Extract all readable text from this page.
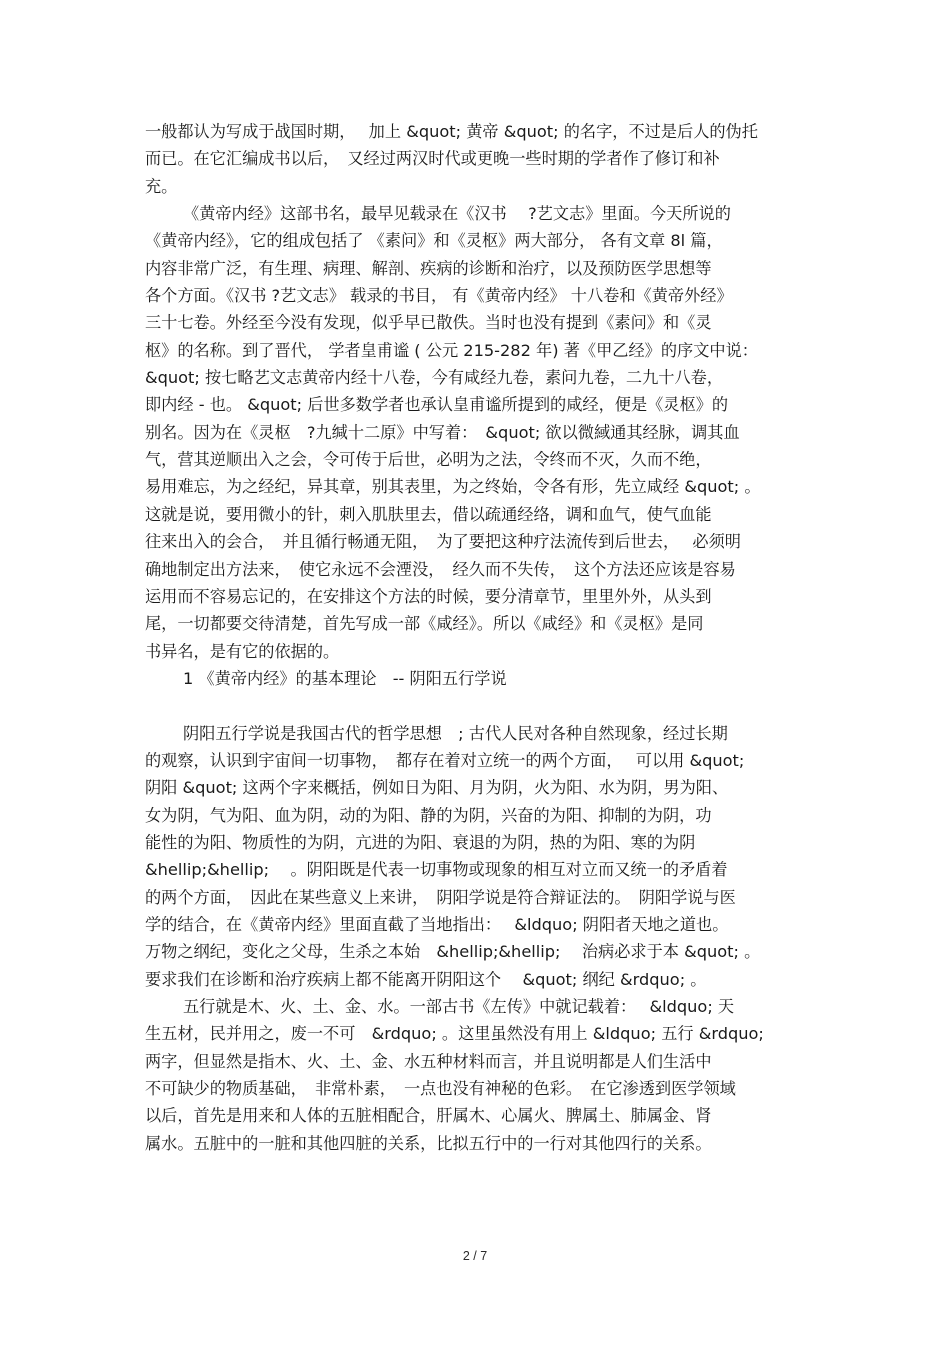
一般都认为写成于战国时期，　 加上 &quot; 黄帝 &quot; 的名字，不过是后人的伪托
而已。在它汇编成书以后，　又经过两汉时代或更晚一些时期的学者作了修订和补
充。
《黄帝内经》这部书名，最早见载录在《汉书　 ?艺文志》里面。今天所说的
《黄帝内经》，它的组成包括了 《素问》和《灵枢》两大部分， 各有文章 8l 篇，
内容非常广泛，有生理、病理、解剖、疾病的诊断和治疗，以及预防医学思想等
各个方面。《汉书 ?艺文志》 载录的书目， 有《黄帝内经》 十八卷和《黄帝外经》
三十七卷。外经至今没有发现，似乎早已散佚。当时也没有提到《素问》和《灵
枢》的名称。到了晋代， 学者皇甫谧 ( 公元 215-282 年) 著《甲乙经》的序文中说：
&quot; 按七略艺文志黄帝内经十八卷，今有咸经九卷，素问九卷，二九十八卷，
即内经 - 也。 &quot; 后世多数学者也承认皇甫谧所提到的咸经，便是《灵枢》的
别名。因为在《灵枢　?九缄十二原》中写着：　&quot; 欲以微緎通其经脉，调其血
气，营其逆顺出入之会，令可传于后世，必明为之法，令终而不灭，久而不绝，
易用难忘，为之经纪，异其章，别其表里，为之终始，令各有形，先立咸经 &quot; 。
这就是说，要用微小的针，刺入肌肤里去，借以疏通经络，调和血气，使气血能
往来出入的会合，　并且循行畅通无阻，　为了要把这种疗法流传到后世去，　 必须明
确地制定出方法来，　使它永远不会湮没，　经久而不失传，　这个方法还应该是容易
运用而不容易忘记的，在安排这个方法的时候，要分清章节，里里外外，从头到
尾，一切都要交待清楚，首先写成一部《咸经》。所以《咸经》和《灵枢》是同
书异名，是有它的依据的。
1 《黄帝内经》的基本理论　-- 阴阳五行学说
阴阳五行学说是我国古代的哲学思想　; 古代人民对各种自然现象，经过长期
的观察，认识到宇宙间一切事物，　都存在着对立统一的两个方面，　 可以用 &quot;
阴阳 &quot; 这两个字来概括，例如日为阳、月为阴，火为阳、水为阴，男为阳、
女为阴，气为阳、血为阴，动的为阳、静的为阴，兴奋的为阳、抑制的为阴，功
能性的为阳、物质性的为阴，亢进的为阳、衰退的为阴，热的为阳、寒的为阴
&hellip;&hellip;　 。阴阳既是代表一切事物或现象的相互对立而又统一的矛盾着
的两个方面，　因此在某些意义上来讲，　阴阳学说是符合辩证法的。　阴阳学说与医
学的结合，在《黄帝内经》里面直截了当地指出：　 &ldquo; 阴阳者天地之道也。
万物之纲纪，变化之父母，生杀之本始　&hellip;&hellip;　 治病必求于本 &quot; 。
要求我们在诊断和治疗疾病上都不能离开阴阳这个　 &quot; 纲纪 &rdquo; 。
五行就是木、火、土、金、水。一部古书《左传》中就记载着：　 &ldquo; 天
生五材，民并用之，废一不可　&rdquo; 。这里虽然没有用上 &ldquo; 五行 &rdquo;
两字，但显然是指木、火、土、金、水五种材料而言，并且说明都是人们生活中
不可缺少的物质基础，　非常朴素，　一点也没有神秘的色彩。　在它渗透到医学领域
以后，首先是用来和人体的五脏相配合，肝属木、心属火、脾属土、肺属金、肾
属水。五脏中的一脏和其他四脏的关系，比拟五行中的一行对其他四行的关系。
2 / 7
